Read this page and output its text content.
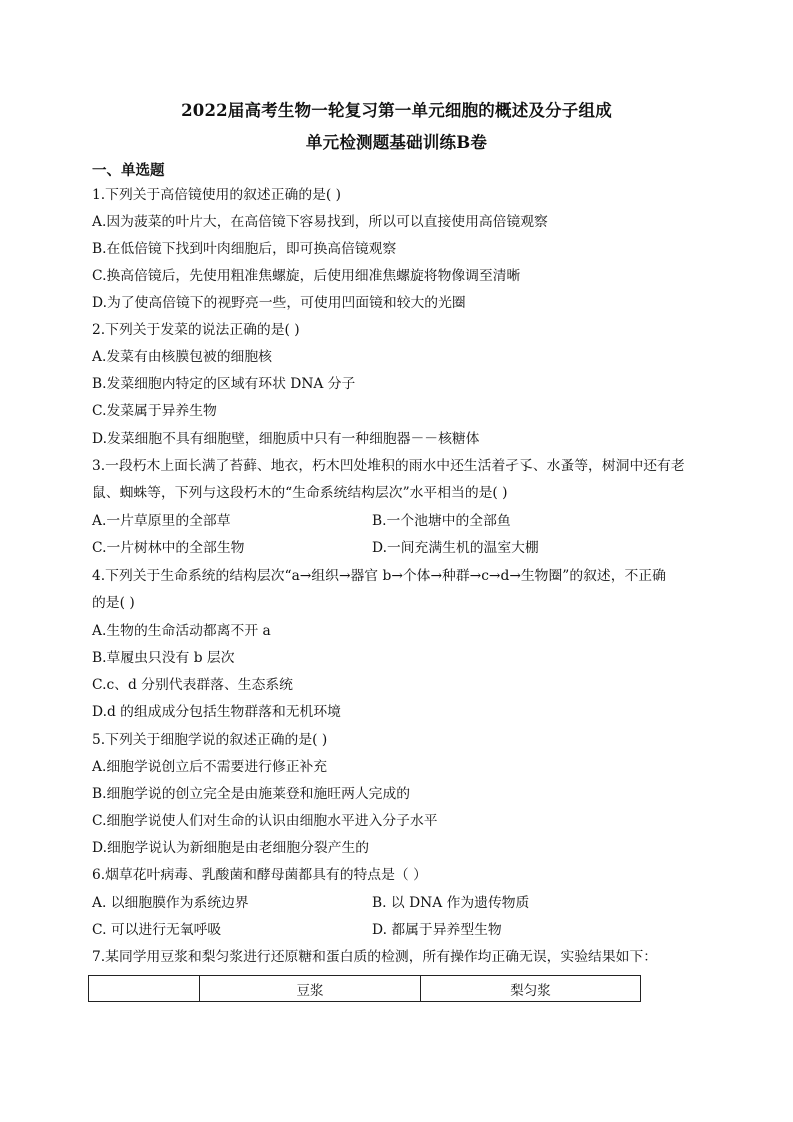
2022届高考生物一轮复习第一单元细胞的概述及分子组成
单元检测题基础训练B卷
一、单选题
1.下列关于高倍镜使用的叙述正确的是( )
A.因为菠菜的叶片大，在高倍镜下容易找到，所以可以直接使用高倍镜观察
B.在低倍镜下找到叶肉细胞后，即可换高倍镜观察
C.换高倍镜后，先使用粗准焦螺旋，后使用细准焦螺旋将物像调至清晰
D.为了使高倍镜下的视野亮一些，可使用凹面镜和较大的光圈
2.下列关于发菜的说法正确的是( )
A.发菜有由核膜包被的细胞核
B.发菜细胞内特定的区域有环状 DNA 分子
C.发菜属于异养生物
D.发菜细胞不具有细胞壁，细胞质中只有一种细胞器－－核糖体
3.一段朽木上面长满了苔藓、地衣，朽木凹处堆积的雨水中还生活着孑孓、水蚤等，树洞中还有老
鼠、蜘蛛等，下列与这段朽木的“生命系统结构层次”水平相当的是( )
A.一片草原里的全部草	B.一个池塘中的全部鱼
C.一片树林中的全部生物	D.一间充满生机的温室大棚
4.下列关于生命系统的结构层次“a→组织→器官 b→个体→种群→c→d→生物圈”的叙述，不正确
的是( )
A.生物的生命活动都离不开 a
B.草履虫只没有 b 层次
C.c、d 分别代表群落、生态系统
D.d 的组成成分包括生物群落和无机环境
5.下列关于细胞学说的叙述正确的是( )
A.细胞学说创立后不需要进行修正补充
B.细胞学说的创立完全是由施莱登和施旺两人完成的
C.细胞学说使人们对生命的认识由细胞水平进入分子水平
D.细胞学说认为新细胞是由老细胞分裂产生的
6.烟草花叶病毒、乳酸菌和酵母菌都具有的特点是（ ）
A. 以细胞膜作为系统边界	B. 以 DNA 作为遗传物质
C. 可以进行无氧呼吸	D. 都属于异养型生物
7.某同学用豆浆和梨匀浆进行还原糖和蛋白质的检测，所有操作均正确无误，实验结果如下：
	豆浆	梨匀浆
